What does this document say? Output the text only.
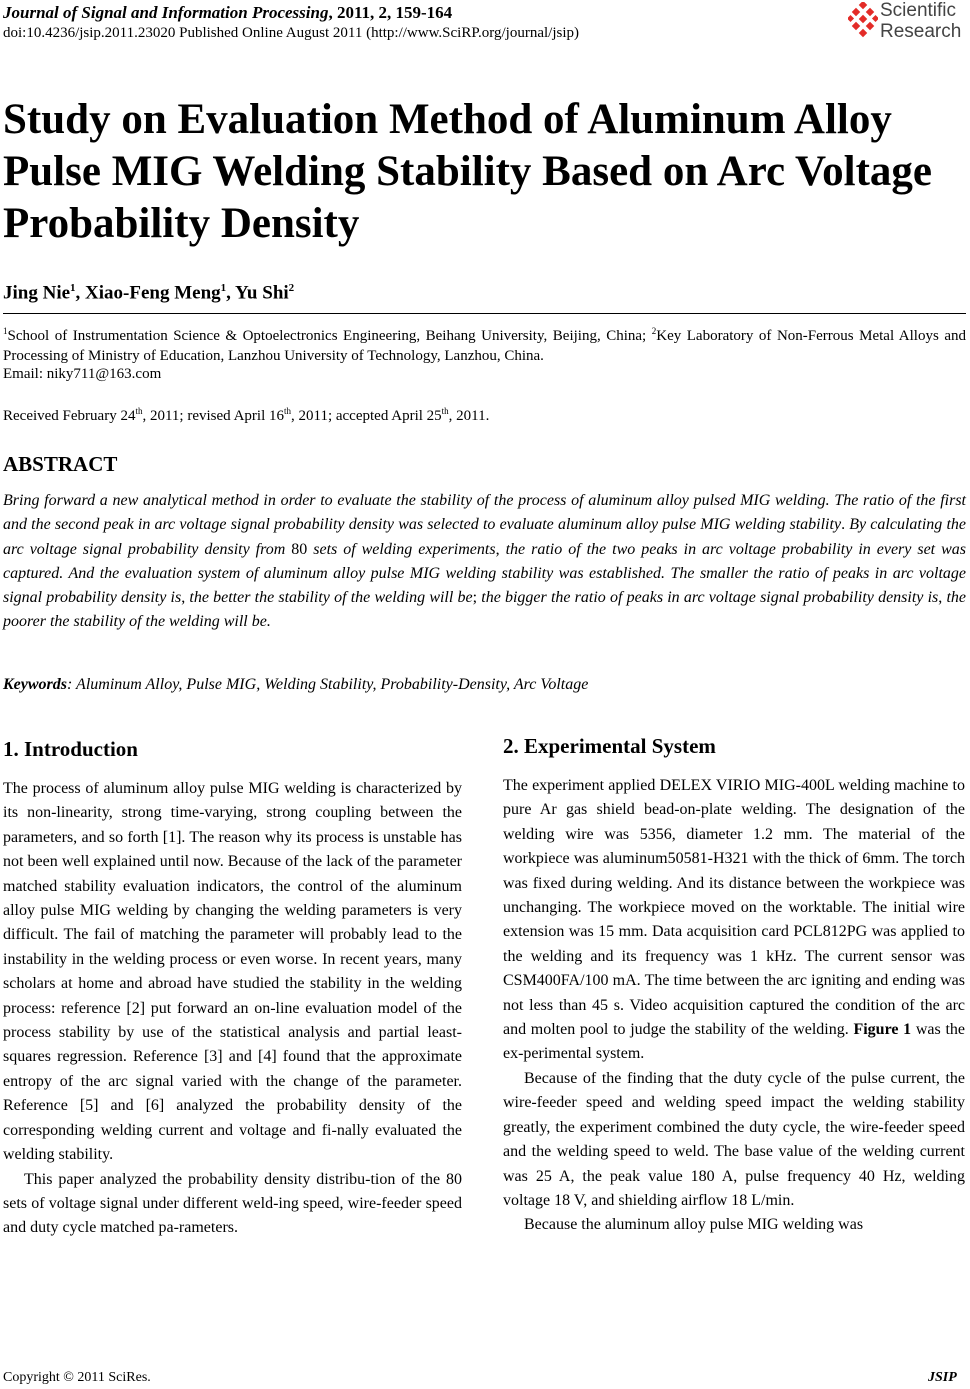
Journal of Signal and Information Processing, 2011, 2, 159-164
doi:10.4236/jsip.2011.23020 Published Online August 2011 (http://www.SciRP.org/journal/jsip)
Scientific
Research
Study on Evaluation Method of Aluminum Alloy Pulse MIG Welding Stability Based on Arc Voltage Probability Density
Jing Nie$^1$, Xiao-Feng Meng$^1$, Yu Shi$^2$
$^1$School of Instrumentation Science & Optoelectronics Engineering, Beihang University, Beijing, China; $^2$Key Laboratory of Non-Ferrous Metal Alloys and Processing of Ministry of Education, Lanzhou University of Technology, Lanzhou, China.
Email: niky711@163.com
Received February 24th, 2011; revised April 16th, 2011; accepted April 25th, 2011.
ABSTRACT
Bring forward a new analytical method in order to evaluate the stability of the process of aluminum alloy pulsed MIG welding. The ratio of the first and the second peak in arc voltage signal probability density was selected to evaluate aluminum alloy pulse MIG welding stability. By calculating the arc voltage signal probability density from 80 sets of welding experiments, the ratio of the two peaks in arc voltage probability in every set was captured. And the evaluation system of aluminum alloy pulse MIG welding stability was established. The smaller the ratio of peaks in arc voltage signal probability density is, the better the stability of the welding will be; the bigger the ratio of peaks in arc voltage signal probability density is, the poorer the stability of the welding will be.
Keywords: Aluminum Alloy, Pulse MIG, Welding Stability, Probability-Density, Arc Voltage
1. Introduction

The process of aluminum alloy pulse MIG welding is characterized by its non-linearity, strong time-varying, strong coupling between the parameters, and so forth [1]. The reason why its process is unstable has not been well explained until now. Because of the lack of the parameter matched stability evaluation indicators, the control of the aluminum alloy pulse MIG welding by changing the welding parameters is very difficult. The fail of matching the parameter will probably lead to the instability in the welding process or even worse. In recent years, many scholars at home and abroad have studied the stability in the welding process: reference [2] put forward an on-line evaluation model of the process stability by use of the statistical analysis and partial least-squares regression. Reference [3] and [4] found that the approximate entropy of the arc signal varied with the change of the parameter. Reference [5] and [6] analyzed the probability density of the corresponding welding current and voltage and fi-nally evaluated the welding stability.

This paper analyzed the probability density distribu-tion of the 80 sets of voltage signal under different weld-ing speed, wire-feeder speed and duty cycle matched pa-rameters.

2. Experimental System

The experiment applied DELEX VIRIO MIG-400L welding machine to pure Ar gas shield bead-on-plate welding. The designation of the welding wire was 5356, diameter 1.2 mm. The material of the workpiece was aluminum50581-H321 with the thick of 6mm. The torch was fixed during welding. And its distance between the workpiece was unchanging. The workpiece moved on the worktable. The initial wire extension was 15 mm. Data acquisition card PCL812PG was applied to the welding and its frequency was 1 kHz. The current sensor was CSM400FA/100 mA. The time between the arc igniting and ending was not less than 45 s. Video acquisition captured the condition of the arc and molten pool to judge the stability of the welding. Figure 1 was the ex-perimental system.

Because of the finding that the duty cycle of the pulse current, the wire-feeder speed and welding speed impact the welding stability greatly, the experiment combined the duty cycle, the wire-feeder speed and the welding speed to weld. The base value of the welding current was 25 A, the peak value 180 A, pulse frequency 40 Hz, welding voltage 18 V, and shielding airflow 18 L/min.

Because the aluminum alloy pulse MIG welding was

Copyright © 2011 SciRes.	JSIP
